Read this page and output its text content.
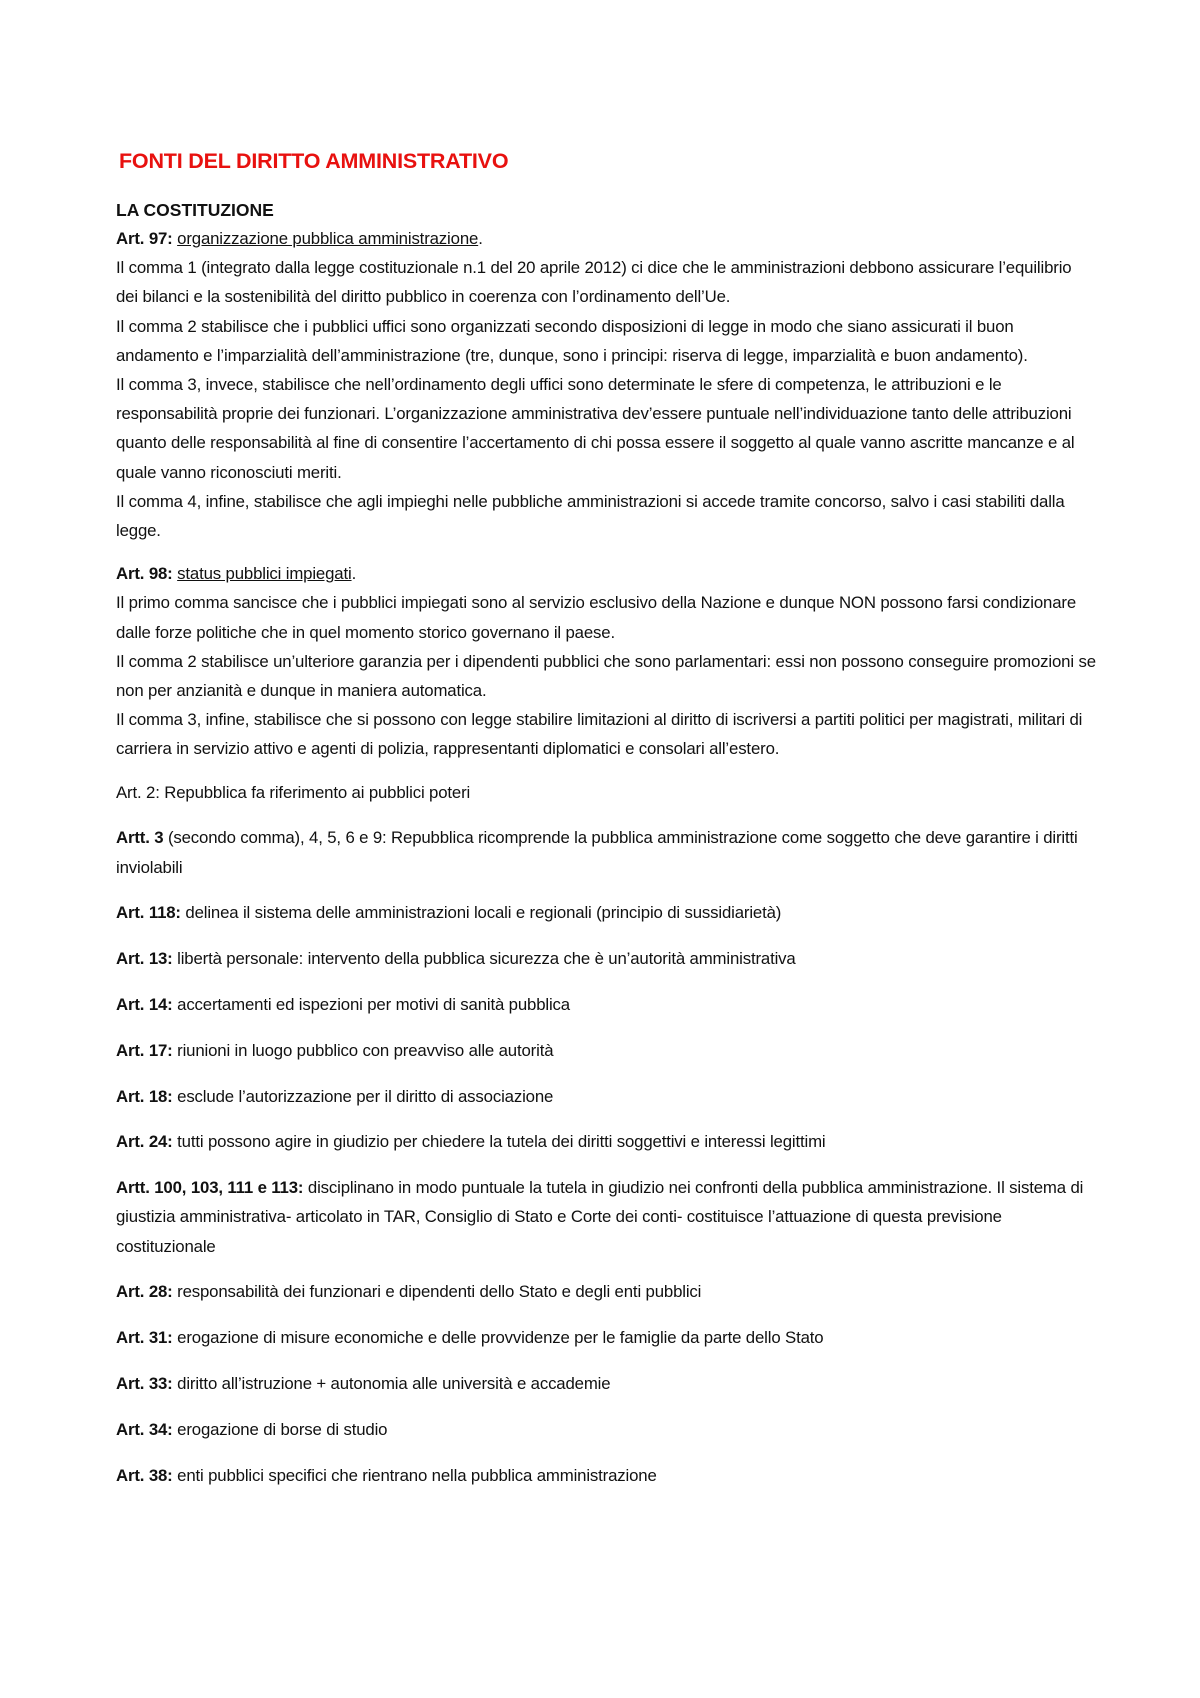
FONTI DEL DIRITTO AMMINISTRATIVO
LA COSTITUZIONE

Art. 97: organizzazione pubblica amministrazione.

Il comma 1 (integrato dalla legge costituzionale n.1 del 20 aprile 2012) ci dice che le amministrazioni debbono assicurare l’equilibrio dei bilanci e la sostenibilità del diritto pubblico in coerenza con l’ordinamento dell’Ue.

Il comma 2 stabilisce che i pubblici uffici sono organizzati secondo disposizioni di legge in modo che siano assicurati il buon andamento e l’imparzialità dell’amministrazione (tre, dunque, sono i principi: riserva di legge, imparzialità e buon andamento).

Il comma 3, invece, stabilisce che nell’ordinamento degli uffici sono determinate le sfere di competenza, le attribuzioni e le responsabilità proprie dei funzionari. L’organizzazione amministrativa dev’essere puntuale nell’individuazione tanto delle attribuzioni quanto delle responsabilità al fine di consentire l’accertamento di chi possa essere il soggetto al quale vanno ascritte mancanze e al quale vanno riconosciuti meriti.

Il comma 4, infine, stabilisce che agli impieghi nelle pubbliche amministrazioni si accede tramite concorso, salvo i casi stabiliti dalla legge.

Art. 98: status pubblici impiegati.

Il primo comma sancisce che i pubblici impiegati sono al servizio esclusivo della Nazione e dunque NON possono farsi condizionare dalle forze politiche che in quel momento storico governano il paese.

Il comma 2 stabilisce un’ulteriore garanzia per i dipendenti pubblici che sono parlamentari: essi non possono conseguire promozioni se non per anzianità e dunque in maniera automatica.

Il comma 3, infine, stabilisce che si possono con legge stabilire limitazioni al diritto di iscriversi a partiti politici per magistrati, militari di carriera in servizio attivo e agenti di polizia, rappresentanti diplomatici e consolari all’estero.

Art. 2: Repubblica fa riferimento ai pubblici poteri

Artt. 3 (secondo comma), 4, 5, 6 e 9: Repubblica ricomprende la pubblica amministrazione come soggetto che deve garantire i diritti inviolabili

Art. 118: delinea il sistema delle amministrazioni locali e regionali (principio di sussidiarietà)

Art. 13: libertà personale: intervento della pubblica sicurezza che è un’autorità amministrativa

Art. 14: accertamenti ed ispezioni per motivi di sanità pubblica

Art. 17: riunioni in luogo pubblico con preavviso alle autorità

Art. 18: esclude l’autorizzazione per il diritto di associazione

Art. 24: tutti possono agire in giudizio per chiedere la tutela dei diritti soggettivi e interessi legittimi

Artt. 100, 103, 111 e 113: disciplinano in modo puntuale la tutela in giudizio nei confronti della pubblica amministrazione. Il sistema di giustizia amministrativa- articolato in TAR, Consiglio di Stato e Corte dei conti- costituisce l’attuazione di questa previsione costituzionale

Art. 28: responsabilità dei funzionari e dipendenti dello Stato e degli enti pubblici

Art. 31: erogazione di misure economiche e delle provvidenze per le famiglie da parte dello Stato

Art. 33: diritto all’istruzione + autonomia alle università e accademie

Art. 34: erogazione di borse di studio

Art. 38: enti pubblici specifici che rientrano nella pubblica amministrazione
